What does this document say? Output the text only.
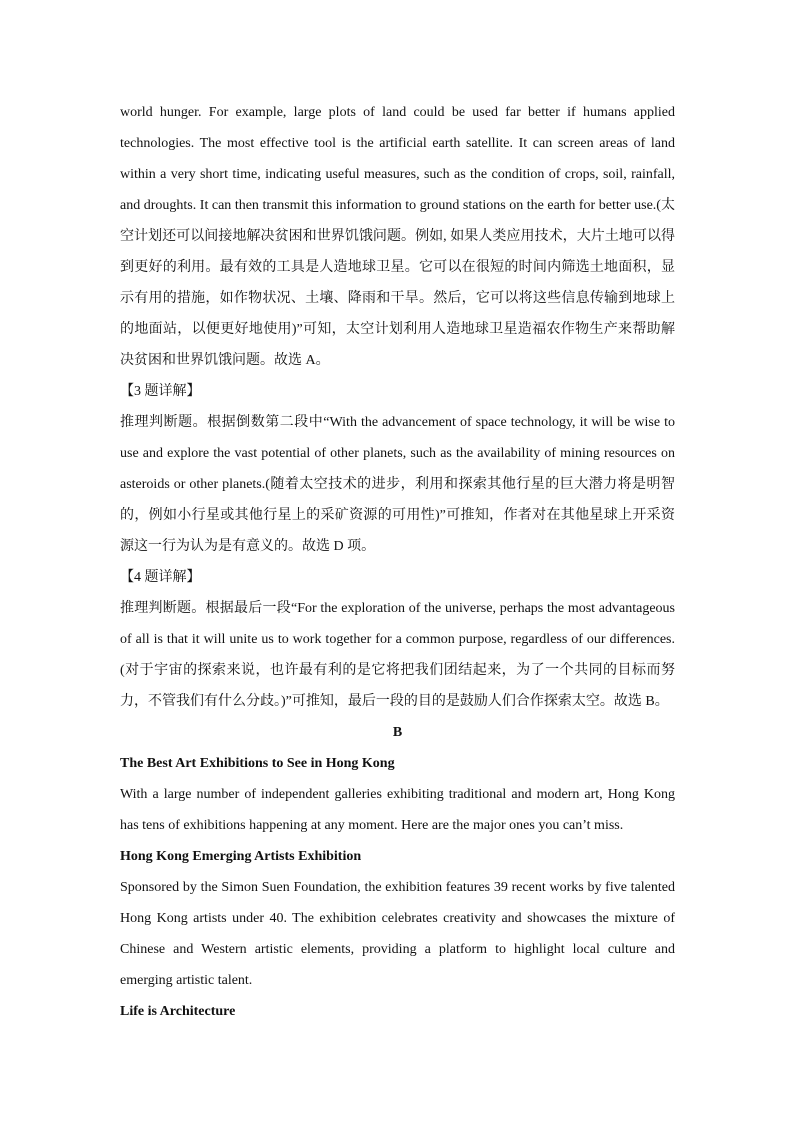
world hunger. For example, large plots of land could be used far better if humans applied technologies. The most effective tool is the artificial earth satellite. It can screen areas of land within a very short time, indicating useful measures, such as the condition of crops, soil, rainfall, and droughts. It can then transmit this information to ground stations on the earth for better use.(太空计划还可以间接地解决贫困和世界饥饿问题。例如, 如果人类应用技术，大片土地可以得到更好的利用。最有效的工具是人造地球卫星。它可以在很短的时间内筛选土地面积，显示有用的措施，如作物状况、土壤、降雨和干旱。然后，它可以将这些信息传输到地球上的地面站，以便更好地使用)”可知，太空计划利用人造地球卫星造福农作物生产来帮助解决贫困和世界饥饿问题。故选 A。

【3 题详解】

推理判断题。根据倒数第二段中“With the advancement of space technology, it will be wise to use and explore the vast potential of other planets, such as the availability of mining resources on asteroids or other planets.(随着太空技术的进步，利用和探索其他行星的巨大潜力将是明智的，例如小行星或其他行星上的采矿资源的可用性)”可推知，作者对在其他星球上开采资源这一行为认为是有意义的。故选 D 项。

【4 题详解】

推理判断题。根据最后一段“For the exploration of the universe, perhaps the most advantageous of all is that it will unite us to work together for a common purpose, regardless of our differences.(对于宇宙的探索来说，也许最有利的是它将把我们团结起来，为了一个共同的目标而努力，不管我们有什么分歧。)”可推知，最后一段的目的是鼓励人们合作探索太空。故选 B。

B

The Best Art Exhibitions to See in Hong Kong

With a large number of independent galleries exhibiting traditional and modern art, Hong Kong has tens of exhibitions happening at any moment. Here are the major ones you can’t miss.

Hong Kong Emerging Artists Exhibition

Sponsored by the Simon Suen Foundation, the exhibition features 39 recent works by five talented Hong Kong artists under 40. The exhibition celebrates creativity and showcases the mixture of Chinese and Western artistic elements, providing a platform to highlight local culture and emerging artistic talent.

Life is Architecture
